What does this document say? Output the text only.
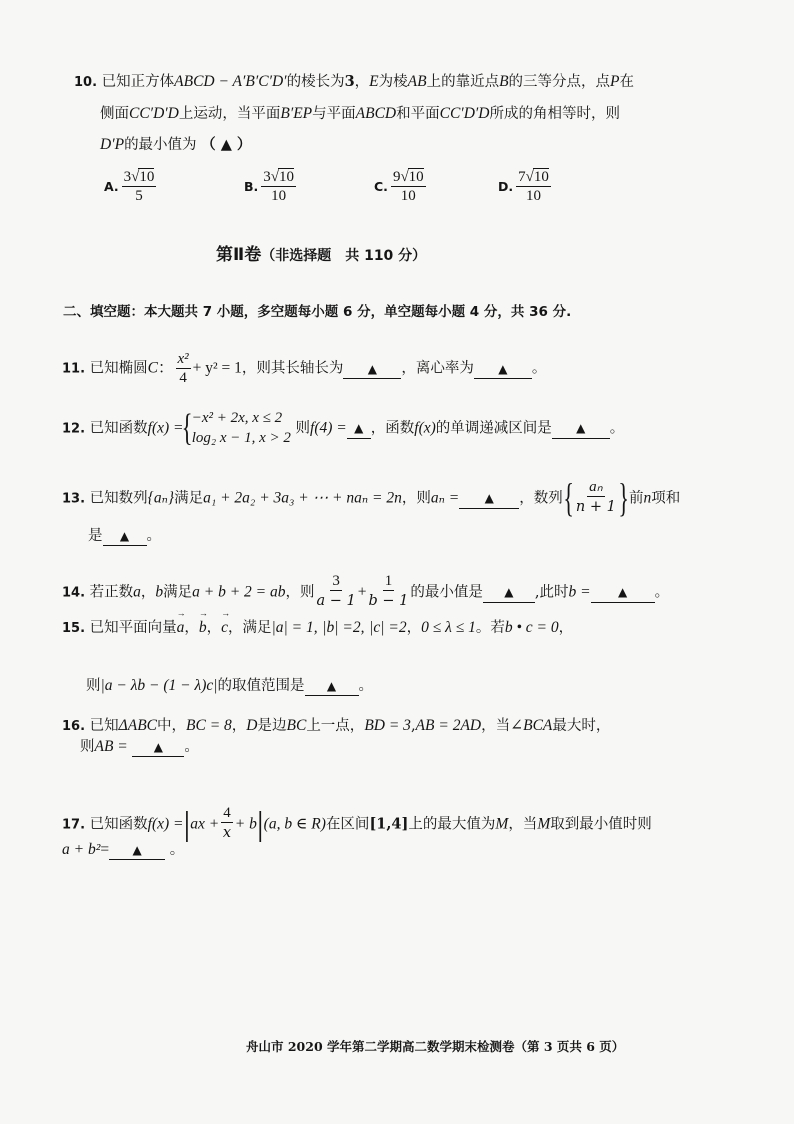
10. 已知正方体ABCD − A′B′C′D′的棱长为3，E为棱AB上的靠近点B的三等分点，点P在
侧面CC′D′D上运动，当平面B′EP与平面ABCD和平面CC′D′D所成的角相等时，则
D′P的最小值为 （ ▲ ）
A. $\frac{3√10}{5}$	B. $\frac{3√10}{10}$	C. $\frac{9√10}{10}$	D. $\frac{7√10}{10}$
第Ⅱ卷（非选择题　共 110 分）
二、填空题：本大题共 7 小题，多空题每小题 6 分，单空题每小题 4 分，共 36 分.
11. 已知椭圆C： $\frac{\text{x²}}{4} + y^2 = 1$，则其长轴长为 ▲ ，离心率为 ▲ 。
12. 已知函数f(x) ={
−x² + 2x, x ≤ 2
log₂ x − 1, x > 2
则f(4) = ▲ ，函数f(x)的单调递减区间是 ▲ 。
13. 已知数列{aₙ}满足a₁ + 2a₂ + 3a₃ + ⋯ + naₙ = 2n，则aₙ = ▲ ，数列{ $\frac{\text{aₙ}}{n + 1}$ }前n项和
是 ▲ 。
14. 若正数a，b满足a + b + 2 = ab，则 $\frac{3}{a - 1} + \frac{1}{b - 1}$ 的最小值是 ▲ ,此时b = ▲ 。
15. 已知平面向量→ a，→ b，→ c，满足|a| = 1, |b| =2, |c| =2，0 ≤ λ ≤ 1。若b • c = 0，
则|a − λb − (1 − λ)c|的取值范围是 ▲ 。
16. 已知ΔABC中，BC = 8，D是边BC上一点，BD = 3,AB = 2AD，当∠BCA最大时，
则AB = ▲ 。
17. 已知函数$f(x) =|ax + \frac{4}{x} + b|(a$, b ∈ R)在区间[1,4]上的最大值为M，当M取到最小值时则
a + b²= ▲ 。
舟山市 2020 学年第二学期高二数学期末检测卷（第 3 页共 6 页）
